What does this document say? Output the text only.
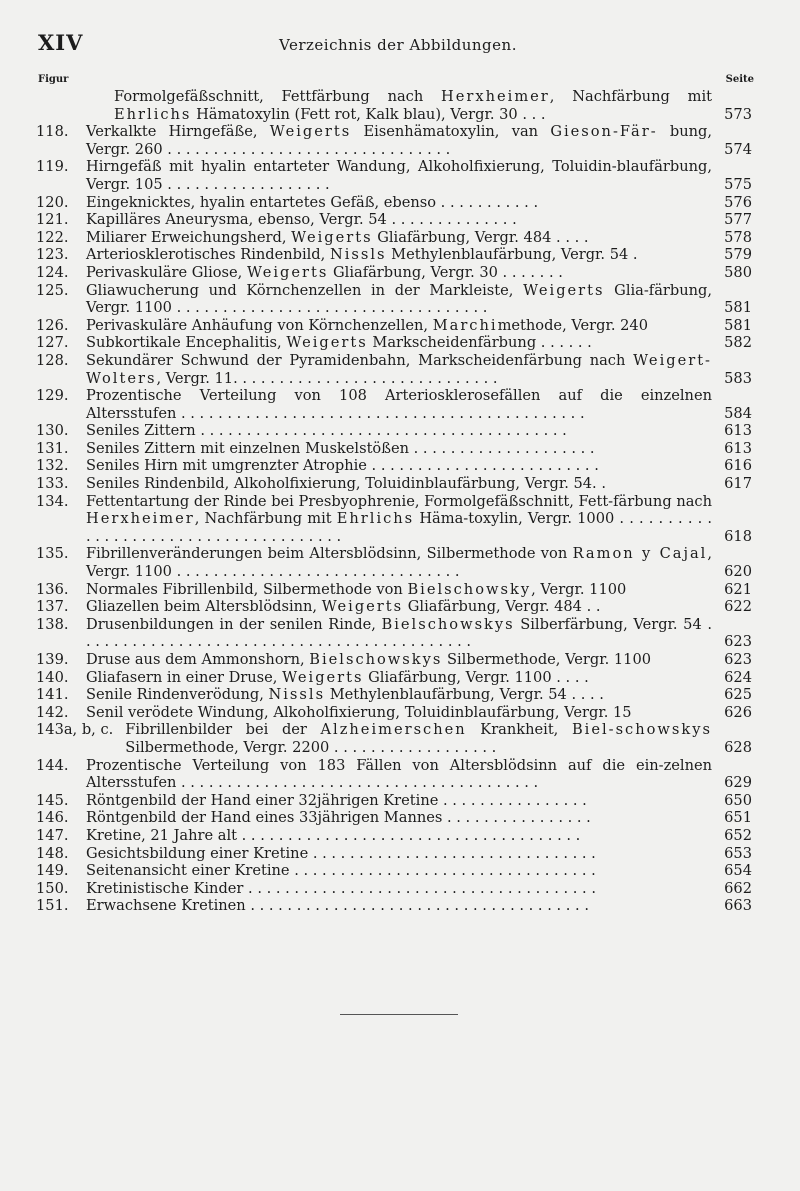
XIV	Verzeichnis der Abbildungen.
Figur	Seite
Formolgefäßschnitt, Fettfärbung nach Herxheimer, Nachfärbung mit Ehrlichs Hämatoxylin (Fett rot, Kalk blau), Vergr. 30 . . .	573
118.	Verkalkte Hirngefäße, Weigerts Eisenhämatoxylin, van Gieson-Fär- bung, Vergr. 260 . . . . . . . . . . . . . . . . . . . . . . . . . . . . . . .	574
119.	Hirngefäß mit hyalin entarteter Wandung, Alkoholfixierung, Toluidin-blaufärbung, Vergr. 105 . . . . . . . . . . . . . . . . . .	575
120.	Eingeknicktes, hyalin entartetes Gefäß, ebenso . . . . . . . . . . .	576
121.	Kapilläres Aneurysma, ebenso, Vergr. 54 . . . . . . . . . . . . . .	577
122.	Miliarer Erweichungsherd, Weigerts Gliafärbung, Vergr. 484 . . . .	578
123.	Arteriosklerotisches Rindenbild, Nissls Methylenblaufärbung, Vergr. 54 .	579
124.	Perivaskuläre Gliose, Weigerts Gliafärbung, Vergr. 30 . . . . . . .	580
125.	Gliawucherung und Körnchenzellen in der Markleiste, Weigerts Glia-färbung, Vergr. 1100 . . . . . . . . . . . . . . . . . . . . . . . . . . . . . . . . . .	581
126.	Perivaskuläre Anhäufung von Körnchenzellen, Marchimethode, Vergr. 240	581
127.	Subkortikale Encephalitis, Weigerts Markscheidenfärbung . . . . . .	582
128.	Sekundärer Schwund der Pyramidenbahn, Markscheidenfärbung nach Weigert-Wolters, Vergr. 11. . . . . . . . . . . . . . . . . . . . . . . . . . . . .	583
129.	Prozentische Verteilung von 108 Arteriosklerosefällen auf die einzelnen Altersstufen . . . . . . . . . . . . . . . . . . . . . . . . . . . . . . . . . . . . . . . . . . . .	584
130.	Seniles Zittern . . . . . . . . . . . . . . . . . . . . . . . . . . . . . . . . . . . . . . . .	613
131.	Seniles Zittern mit einzelnen Muskelstößen . . . . . . . . . . . . . . . . . . . .	613
132.	Seniles Hirn mit umgrenzter Atrophie . . . . . . . . . . . . . . . . . . . . . . . . .	616
133.	Seniles Rindenbild, Alkoholfixierung, Toluidinblaufärbung, Vergr. 54. .	617
134.	Fettentartung der Rinde bei Presbyophrenie, Formolgefäßschnitt, Fett-färbung nach Herxheimer, Nachfärbung mit Ehrlichs Häma-toxylin, Vergr. 1000 . . . . . . . . . . . . . . . . . . . . . . . . . . . . . . . . . . . . . .	618
135.	Fibrillenveränderungen beim Altersblödsinn, Silbermethode von Ramon y Cajal, Vergr. 1100 . . . . . . . . . . . . . . . . . . . . . . . . . . . . . . .	620
136.	Normales Fibrillenbild, Silbermethode von Bielschowsky, Vergr. 1100	621
137.	Gliazellen beim Altersblödsinn, Weigerts Gliafärbung, Vergr. 484 . .	622
138.	Drusenbildungen in der senilen Rinde, Bielschowskys Silberfärbung, Vergr. 54 . . . . . . . . . . . . . . . . . . . . . . . . . . . . . . . . . . . . . . . . . . .	623
139.	Druse aus dem Ammonshorn, Bielschowskys Silbermethode, Vergr. 1100	623
140.	Gliafasern in einer Druse, Weigerts Gliafärbung, Vergr. 1100 . . . .	624
141.	Senile Rindenverödung, Nissls Methylenblaufärbung, Vergr. 54 . . . .	625
142.	Senil verödete Windung, Alkoholfixierung, Toluidinblaufärbung, Vergr. 15	626
143a, b, c. Fibrillenbilder bei der Alzheimerschen Krankheit, Biel-schowskys Silbermethode, Vergr. 2200 . . . . . . . . . . . . . . . . . .	628
144.	Prozentische Verteilung von 183 Fällen von Altersblödsinn auf die ein-zelnen Altersstufen . . . . . . . . . . . . . . . . . . . . . . . . . . . . . . . . . . . . . . .	629
145.	Röntgenbild der Hand einer 32jährigen Kretine . . . . . . . . . . . . . . . .	650
146.	Röntgenbild der Hand eines 33jährigen Mannes . . . . . . . . . . . . . . . .	651
147.	Kretine, 21 Jahre alt . . . . . . . . . . . . . . . . . . . . . . . . . . . . . . . . . . . . .	652
148.	Gesichtsbildung einer Kretine . . . . . . . . . . . . . . . . . . . . . . . . . . . . . . .	653
149.	Seitenansicht einer Kretine . . . . . . . . . . . . . . . . . . . . . . . . . . . . . . . . .	654
150.	Kretinistische Kinder . . . . . . . . . . . . . . . . . . . . . . . . . . . . . . . . . . . . . .	662
151.	Erwachsene Kretinen . . . . . . . . . . . . . . . . . . . . . . . . . . . . . . . . . . . . .	663
